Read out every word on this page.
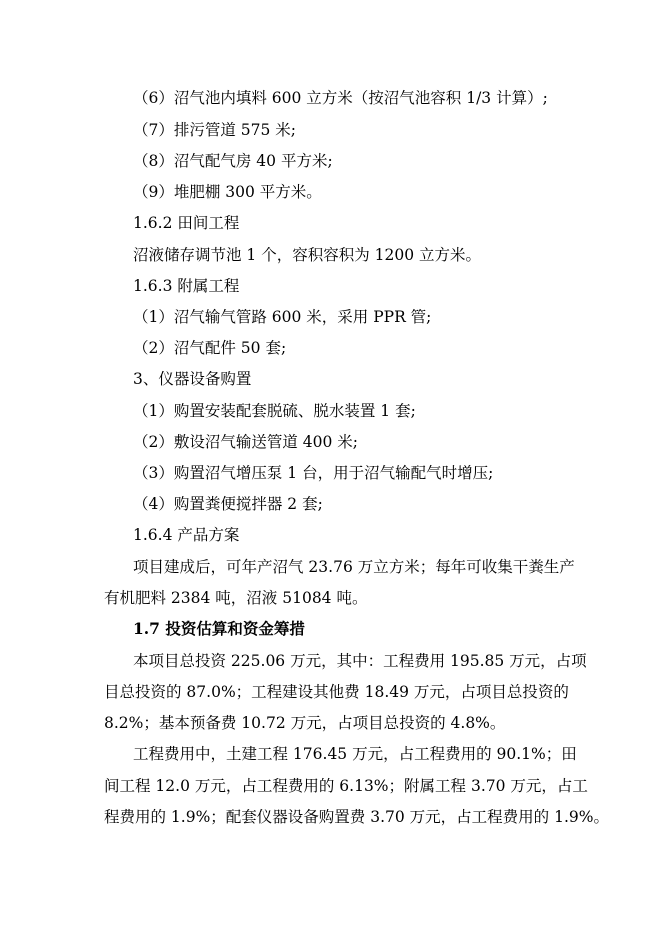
（6）沼气池内填料 600 立方米（按沼气池容积 1/3 计算）;
（7）排污管道 575 米;
（8）沼气配气房 40 平方米;
（9）堆肥棚 300 平方米。
1.6.2 田间工程
沼液储存调节池 1 个，容积容积为 1200 立方米。
1.6.3 附属工程
（1）沼气输气管路 600 米，采用 PPR 管;
（2）沼气配件 50 套;
3、仪器设备购置
（1）购置安装配套脱硫、脱水装置 1 套;
（2）敷设沼气输送管道 400 米;
（3）购置沼气增压泵 1 台，用于沼气输配气时增压;
（4）购置粪便搅拌器 2 套;
1.6.4 产品方案
项目建成后，可年产沼气 23.76 万立方米；每年可收集干粪生产
有机肥料 2384 吨，沼液 51084 吨。
1.7 投资估算和资金筹措
本项目总投资 225.06 万元，其中：工程费用 195.85 万元，占项
目总投资的 87.0%；工程建设其他费 18.49 万元，占项目总投资的
8.2%；基本预备费 10.72 万元，占项目总投资的 4.8%。
工程费用中，土建工程 176.45 万元，占工程费用的 90.1%；田
间工程 12.0 万元，占工程费用的 6.13%；附属工程 3.70 万元，占工
程费用的 1.9%；配套仪器设备购置费 3.70 万元，占工程费用的 1.9%。
